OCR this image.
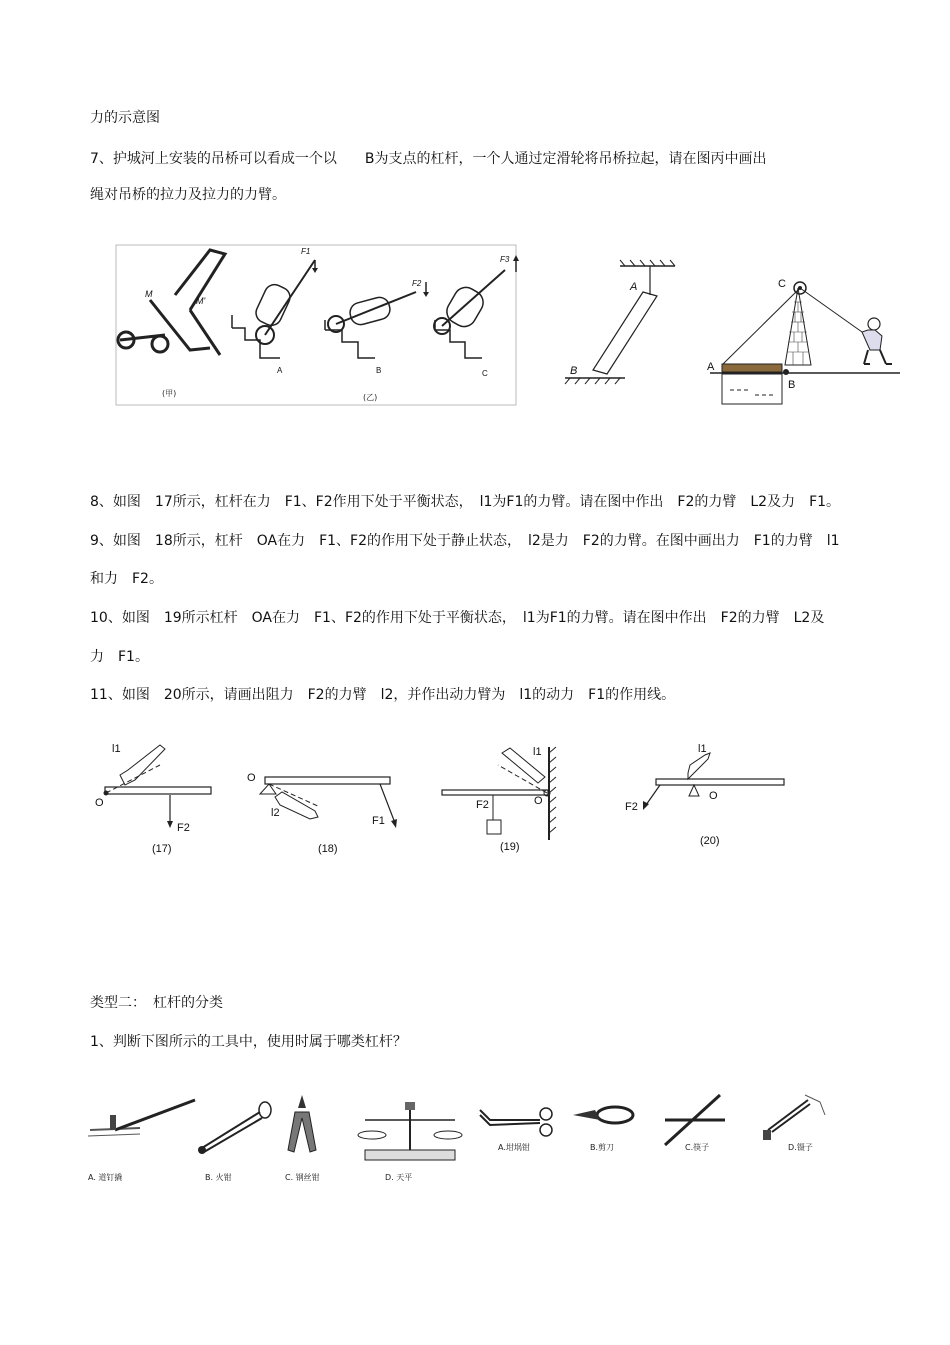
力的示意图
7、护城河上安装的吊桥可以看成一个以　　B为支点的杠杆，一个人通过定滑轮将吊桥拉起，请在图丙中画出
绳对吊桥的拉力及拉力的力臂。
8、如图　17所示，杠杆在力　F1、F2作用下处于平衡状态，　l1为F1的力臂。请在图中作出　F2的力臂　L2及力　F1。
9、如图　18所示，杠杆　OA在力　F1、F2的作用下处于静止状态，　l2是力　F2的力臂。在图中画出力　F1的力臂　l1
和力　F2。
10、如图　19所示杠杆　OA在力　F1、F2的作用下处于平衡状态，　l1为F1的力臂。请在图中作出　F2的力臂　L2及
力　F1。
11、如图　20所示，请画出阻力　F2的力臂　l2，并作出动力臂为　l1的动力　F1的作用线。
类型二：　杠杆的分类
1、判断下图所示的工具中，使用时属于哪类杠杆？
M
M'
(甲)
F1
A
F2
B
(乙)
F3
C
A
B
C
A
B
l1
O
F2
(17)
O
l2
F1
(18)
l1
F2	O
(19)
l1
O
F2
(20)
A. 道钉撬	B. 火钳	C. 钢丝钳	D. 天平
A.坩埚钳	B.剪刀	C.筷子	D.镊子
